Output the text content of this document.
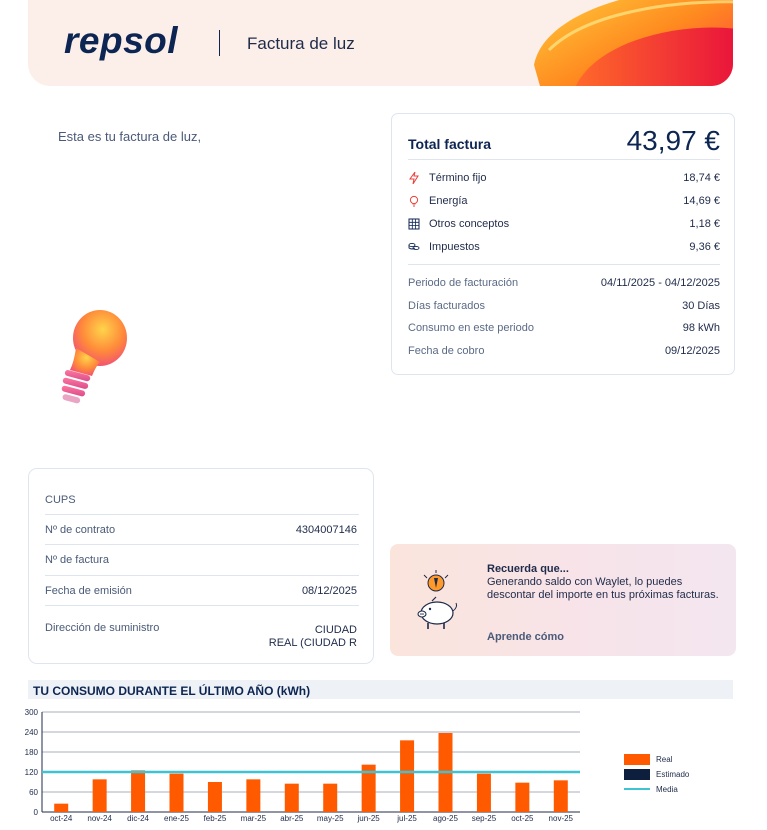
repsol	Factura de luz
Esta es tu factura de luz,	Total factura	43,97 €
Término fijo	18,74 €
Energía	14,69 €
Otros conceptos	1,18 €
Impuestos	9,36 €
Periodo de facturación	04/11/2025 - 04/12/2025
Días facturados	30 Días
Consumo en este periodo	98 kWh
Fecha de cobro	09/12/2025
CUPS
Nº de contrato	4304007146
Nº de factura
Fecha de emisión	08/12/2025
Dirección de suministro	CIUDAD
REAL (CIUDAD R
Recuerda que...
Generando saldo con Waylet, lo puedes descontar del importe en tus próximas facturas.
Aprende cómo
TU CONSUMO DURANTE EL ÚLTIMO AÑO (kWh)
0
60
120
180
240
300
oct-24 nov-24 dic-24 ene-25 feb-25 mar-25 abr-25 may-25 jun-25 jul-25 ago-25 sep-25 oct-25 nov-25
Real
Estimado
Media
